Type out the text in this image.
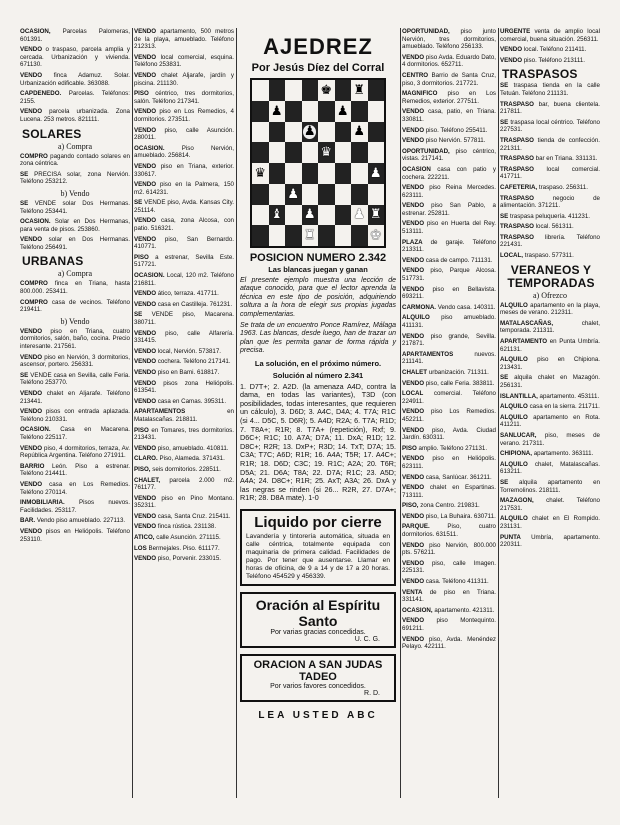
OCASION, Parcelas Palomeras, 601391.
VENDO o traspaso, parcela amplia y cercada. Urbanización y vivienda. 671130.
VENDO finca Adamuz. Solar. Urbanización edificable. 363088.
CAPDENEDO. Parcelas. Teléfonos: 2155.
VENDO parcela urbanizada. Zona Lucena. 253 metros. 821111.
SOLARES
a) Compra
COMPRO pagando contado solares en zona céntrica.
SE PRECISA solar, zona Nervión. Teléfono 253212.
b) Vendo
SE VENDE solar Dos Hermanas. Teléfono 253441.
OCASION. Solar en Dos Hermanas, para venta de pisos. 253860.
VENDO solar en Dos Hermanas. Teléfono 256491.
URBANAS
a) Compra
COMPRO finca en Triana, hasta 800.000. 253411.
COMPRO casa de vecinos. Teléfono 219411.
b) Vendo
VENDO piso en Triana, cuatro dormitorios, salón, baño, cocina. Precio interesante. 217561.
VENDO piso en Nervión, 3 dormitorios, ascensor, portero. 256331.
SE VENDE casa en Sevilla, calle Feria. Teléfono 253770.
VENDO chalet en Aljarafe. Teléfono 213441.
VENDO pisos con entrada aplazada. Teléfono 210331.
OCASION. Casa en Macarena. Teléfono 225117.
VENDO piso, 4 dormitorios, terraza, Av. República Argentina. Teléfono 271911.
BARRIO León. Piso a estrenar. Teléfono 214411.
VENDO casa en Los Remedios. Teléfono 270114.
INMOBILIARIA. Pisos nuevos. Facilidades. 253117.
BAR. Vendo piso amueblado. 227113.
VENDO pisos en Heliópolis. Teléfono 253110.
VENDO apartamento, 500 metros de la playa, amueblado. Teléfono 212313.
VENDO local comercial, esquina. Teléfono 253831.
VENDO chalet Aljarafe, jardín y piscina. 211130.
PISO céntrico, tres dormitorios, salón. Teléfono 217341.
VENDO piso en Los Remedios, 4 dormitorios. 273511.
VENDO piso, calle Asunción. 280011.
OCASION. Piso Nervión, amueblado. 256814.
VENDO piso en Triana, exterior. 330617.
VENDO piso en la Palmera, 150 m2. 614231.
SE VENDE piso, Avda. Kansas City. 251114.
VENDO casa, zona Alcosa, con patio. 516321.
VENDO piso, San Bernardo. 410771.
PISO a estrenar, Sevilla Este. 517721.
OCASION. Local, 120 m2. Teléfono 216811.
VENDO ático, terraza. 417711.
VENDO casa en Castilleja. 761231.
SE VENDE piso, Macarena. 380711.
VENDO piso, calle Alfarería. 331415.
VENDO local, Nervión. 573817.
VENDO cochera. Teléfono 217141.
VENDO piso en Bami. 618817.
VENDO pisos zona Heliópolis. 613541.
VENDO casa en Camas. 395311.
APARTAMENTOS en Matalascañas. 218811.
PISO en Tomares, tres dormitorios. 213431.
VENDO piso, amueblado. 410811.
CLARO. Piso, Alameda. 371431.
PISO, seis dormitorios. 228511.
CHALET, parcela 2.000 m2. 761177.
VENDO piso en Pino Montano. 352311.
VENDO casa, Santa Cruz. 215411.
VENDO finca rústica. 231138.
ATICO, calle Asunción. 271115.
LOS Bermejales. Piso. 611177.
VENDO piso, Porvenir. 233015.
AJEDREZ
Por Jesús Díez del Corral
♚ ♜
♟	♟
♟	♟
♛
♛	♟
♟
♝ ♟	♟ ♜
♜	♚
POSICION NUMERO 2.342
Las blancas juegan y ganan
El presente ejemplo muestra una lección de ataque conocido, para que el lector aprenda la técnica en este tipo de posición, adquiriendo soltura a la hora de elegir sus propias jugadas complementarias.
Se trata de un encuentro Ponce Ramírez, Málaga 1963. Las blancas, desde luego, han de trazar un plan que les permita ganar de forma rápida y precisa.
La solución, en el próximo número.
Solución al número 2.341
1. D7T+; 2. A2D. (la amenaza A4D, contra la dama, en todas las variantes), T3D (con posibilidades, todas interesantes, que requieren un cálculo), 3. D6D; 3. A4C, D4A; 4. T7A; R1C (si 4... D5C, 5. D6R); 5. A4D; R2A; 6. T7A; R1D; 7. T8A+; R1R; 8. T7A+ (repetición), Rxf; 9. D6C+; R1C; 10. A7A; D7A; 11. DxA; R1D; 12. D8C+; R2R; 13. DxP+; R3D; 14. TxT; D7A; 15. C3A; T7C; A6D; R1R; 16. A4A; T5R; 17. A4C+; R1R; 18. D6D; C3C; 19. R1C; A2A; 20. T6R; D5A; 21. D6A; T8A; 22. D7A; R1C; 23. A5D; A4A; 24. D8C+; R1R; 25. AxT; A3A; 26. DxA y las negras se rinden (si 26... R2R, 27. D7A+; R1R; 28. D8A mate). 1-0
Liquido por cierre
Lavandería y tintorería automática, situada en calle céntrica, totalmente equipada con maquinaria de primera calidad. Facilidades de pago. Por tener que ausentarse. Llamar en horas de oficina, de 9 a 14 y de 17 a 20 horas. Teléfono 454529 y 456339.
Oración al Espíritu Santo
Por varias gracias concedidas.
U. C. G.
ORACION A SAN JUDAS TADEO
Por varios favores concedidos.
R. D.
LEA USTED ABC
OPORTUNIDAD, piso junto Nervión, tres dormitorios, amueblado. Teléfono 256133.
VENDO piso Avda. Eduardo Dato, 4 dormitorios. 652711.
CENTRO Barrio de Santa Cruz, piso, 3 dormitorios. 217721.
MAGNIFICO piso en Los Remedios, exterior. 277511.
VENDO casa, patio, en Triana. 330811.
VENDO piso. Teléfono 255411.
VENDO piso Nervión. 577811.
OPORTUNIDAD, piso céntrico, vistas. 217141.
OCASION casa con patio y cochera. 222211.
VENDO piso Reina Mercedes. 623111.
VENDO piso San Pablo, a estrenar. 252811.
VENDO piso en Huerta del Rey. 513111.
PLAZA de garaje. Teléfono 213311.
VENDO casa de campo. 711131.
VENDO piso, Parque Alcosa. 517731.
VENDO piso en Bellavista. 693211.
CARMONA. Vendo casa. 140311.
ALQUILO piso amueblado. 411131.
VENDO piso grande, Sevilla. 217871.
APARTAMENTOS nuevos. 211141.
CHALET urbanización. 711311.
VENDO piso, calle Feria. 383811.
LOCAL comercial. Teléfono 224911.
VENDO piso Los Remedios. 452211.
VENDO piso, Avda. Ciudad Jardín. 630311.
PISO amplio. Teléfono 271131.
VENDO piso en Heliópolis. 623111.
VENDO casa, Sanlúcar. 361211.
VENDO chalet en Espartinas. 713111.
PISO, zona Centro. 219831.
VENDO piso, La Buhaira. 630711.
PARQUE. Piso, cuatro dormitorios. 631511.
VENDO piso Nervión, 800.000 pts. 576211.
VENDO piso, calle Imagen. 225131.
VENDO casa. Teléfono 411311.
VENTA de piso en Triana. 331141.
OCASION, apartamento. 421311.
VENDO piso Montequinto. 691211.
VENDO piso, Avda. Menéndez Pelayo. 422111.
URGENTE venta de amplio local comercial, buena situación. 256311.
VENDO local. Teléfono 211411.
VENDO piso. Teléfono 213111.
TRASPASOS
SE traspasa tienda en la calle Tetuán. Teléfono 211131.
TRASPASO bar, buena clientela. 217811.
SE traspasa local céntrico. Teléfono 227531.
TRASPASO tienda de confección. 221311.
TRASPASO bar en Triana. 331131.
TRASPASO local comercial. 417711.
CAFETERIA, traspaso. 256311.
TRASPASO negocio de alimentación. 371211.
SE traspasa peluquería. 411231.
TRASPASO local. 561311.
TRASPASO librería. Teléfono 221431.
LOCAL, traspaso. 577311.
VERANEOS Y TEMPORADAS
a) Ofrezco
ALQUILO apartamento en la playa, meses de verano. 212311.
MATALASCAÑAS, chalet, temporada. 211311.
APARTAMENTO en Punta Umbría. 621131.
ALQUILO piso en Chipiona. 213431.
SE alquila chalet en Mazagón. 256131.
ISLANTILLA, apartamento. 453111.
ALQUILO casa en la sierra. 211711.
ALQUILO apartamento en Rota. 411211.
SANLUCAR, piso, meses de verano. 217311.
CHIPIONA, apartamento. 363111.
ALQUILO chalet, Matalascañas. 613211.
SE alquila apartamento en Torremolinos. 218111.
MAZAGON, chalet. Teléfono 217531.
ALQUILO chalet en El Rompido. 231131.
PUNTA Umbría, apartamento. 220311.
